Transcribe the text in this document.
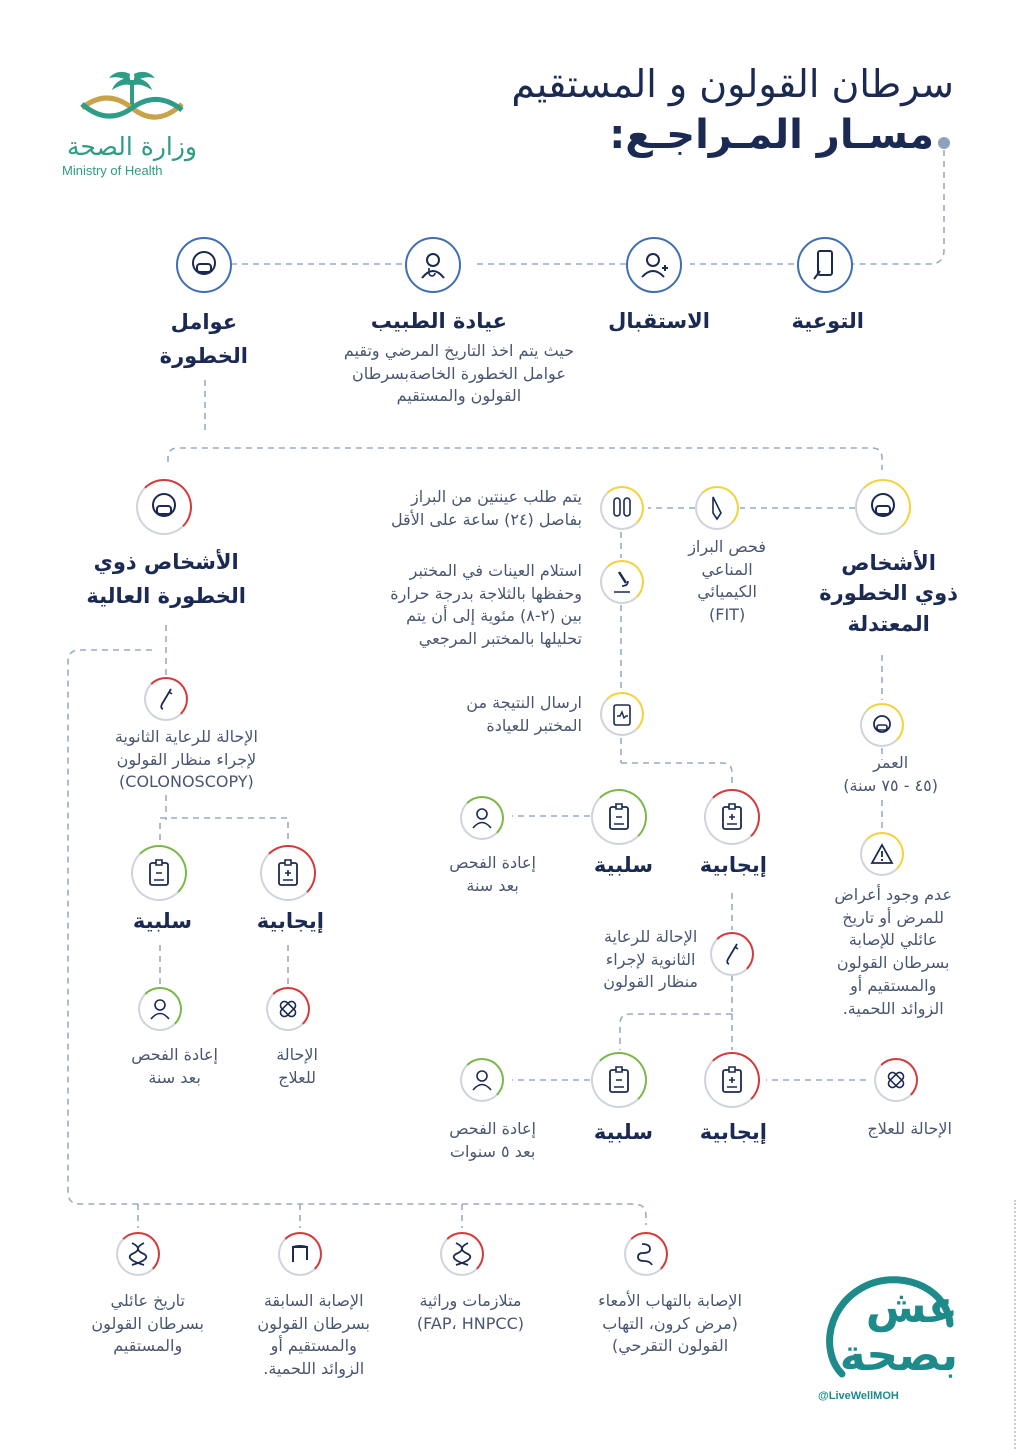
سرطان القولون و المستقيم
مسـار المـراجـع:
وزارة الصحة
Ministry of Health
التوعية
الاستقبال
عيادة الطبيب
حيث يتم اخذ التاريخ المرضي وتقيم
عوامل الخطورة الخاصةبسرطان
القولون والمستقيم
عوامل
الخطورة
الأشخاص
ذوي الخطورة
المعتدلة
العمر
(٤٥ - ٧٥ سنة)
عدم وجود أعراض
للمرض أو تاريخ
عائلي للإصابة
بسرطان القولون
والمستقيم أو
الزوائد اللحمية.
فحص البراز
المناعي
الكيميائي
(FIT)
يتم طلب عينتين من البراز
بفاصل (٢٤) ساعة على الأقل
استلام العينات في المختبر
وحفظها بالثلاجة بدرجة حرارة
بين (٢-٨) مئوية إلى أن يتم
تحليلها بالمختبر المرجعي
ارسال النتيجة من
المختبر للعيادة
إيجابية
سلبية
إعادة الفحص
بعد سنة
الإحالة للرعاية
الثانوية لإجراء
منظار القولون
إيجابية
سلبية	الإحالة للعلاج
إعادة الفحص
بعد ٥ سنوات
الأشخاص ذوي
الخطورة العالية
الإحالة للرعاية الثانوية
لإجراء منظار القولون
(COLONOSCOPY)
إيجابية
سلبية
الإحالة
للعلاج
إعادة الفحص
بعد سنة
الإصابة بالتهاب الأمعاء
(مرض كرون، التهاب
القولون التقرحي)
متلازمات وراثية
(FAP، HNPCC)
الإصابة السابقة
بسرطان القولون
والمستقيم أو
الزوائد اللحمية.
تاريخ عائلي
بسرطان القولون
والمستقيم
عش
بصحة
@LiveWellMOH
